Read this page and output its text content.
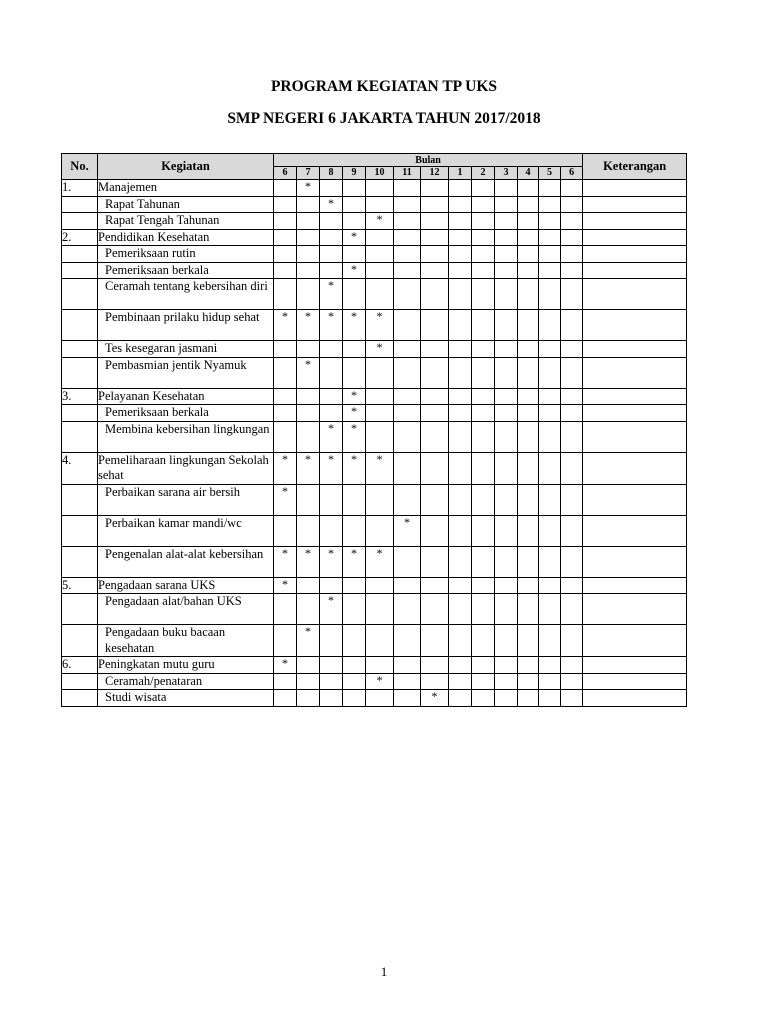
PROGRAM KEGIATAN TP UKS
SMP NEGERI 6 JAKARTA TAHUN 2017/2018
No.	Kegiatan	Bulan													Keterangan
		6	7	8	9	10	11	12	1	2	3	4	5	6	
1.	Manajemen		*												
	Rapat Tahunan			*											
	Rapat Tengah Tahunan					*									
2.	Pendidikan Kesehatan				*										
	Pemeriksaan rutin														
	Pemeriksaan berkala				*										
	Ceramah tentang kebersihan diri			*											
	Pembinaan prilaku hidup sehat	*	*	*	*	*									
	Tes kesegaran jasmani					*									
	Pembasmian jentik Nyamuk		*												
3.	Pelayanan Kesehatan				*										
	Pemeriksaan berkala				*										
	Membina kebersihan lingkungan			*	*										
4.	Pemeliharaan lingkungan Sekolah sehat	*	*	*	*	*									
	Perbaikan sarana air bersih	*													
	Perbaikan kamar mandi/wc						*								
	Pengenalan alat-alat kebersihan	*	*	*	*	*									
5.	Pengadaan sarana UKS	*													
	Pengadaan alat/bahan UKS			*											
	Pengadaan buku bacaan kesehatan		*												
6.	Peningkatan mutu guru	*													
	Ceramah/penataran					*									
	Studi wisata							*							
1
